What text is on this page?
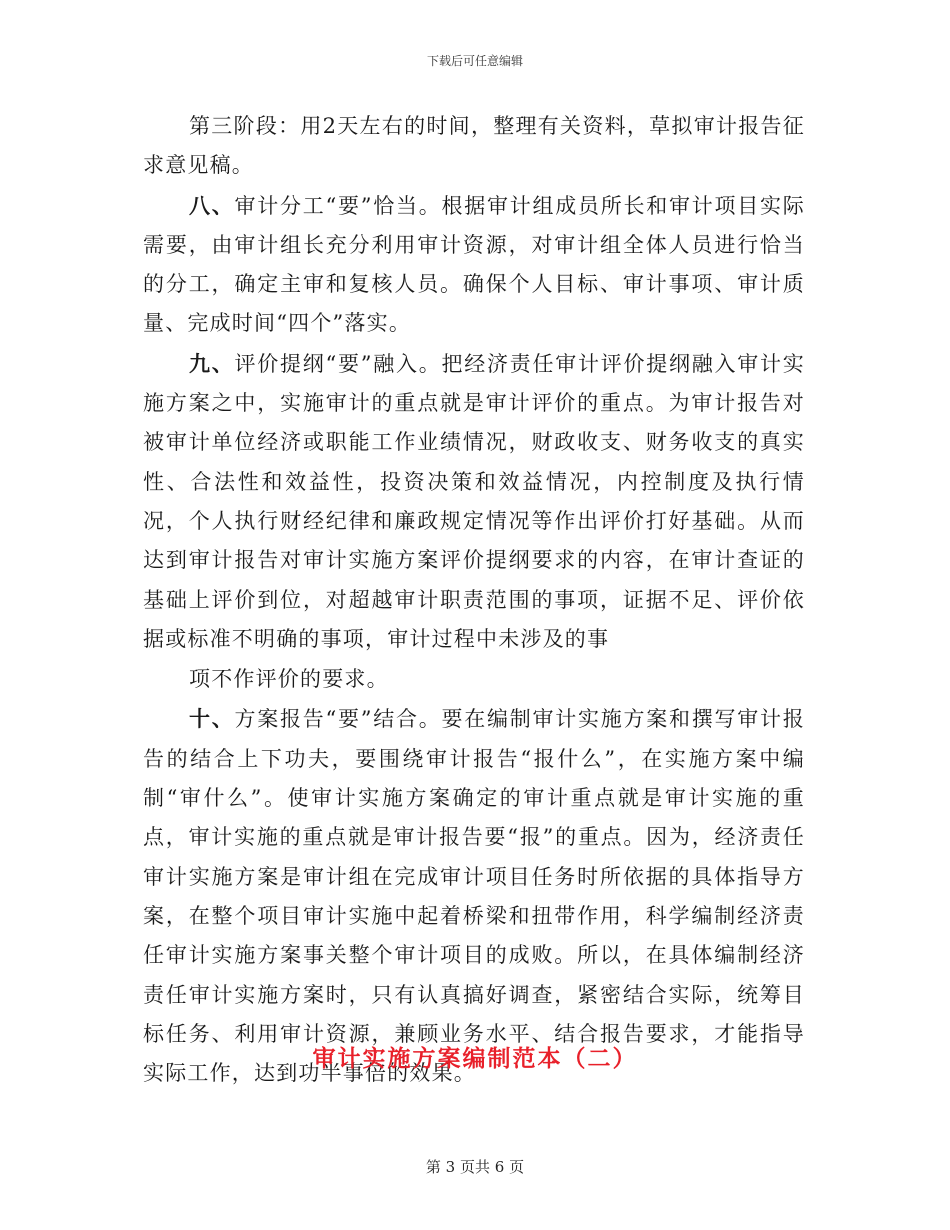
下载后可任意编辑

第三阶段：用2天左右的时间，整理有关资料，草拟审计报告征求意见稿。

八、审计分工“要”恰当。根据审计组成员所长和审计项目实际需要，由审计组长充分利用审计资源，对审计组全体人员进行恰当的分工，确定主审和复核人员。确保个人目标、审计事项、审计质量、完成时间“四个”落实。

九、评价提纲“要”融入。把经济责任审计评价提纲融入审计实施方案之中，实施审计的重点就是审计评价的重点。为审计报告对被审计单位经济或职能工作业绩情况，财政收支、财务收支的真实性、合法性和效益性，投资决策和效益情况，内控制度及执行情况，个人执行财经纪律和廉政规定情况等作出评价打好基础。从而达到审计报告对审计实施方案评价提纲要求的内容，在审计查证的基础上评价到位，对超越审计职责范围的事项，证据不足、评价依据或标准不明确的事项，审计过程中未涉及的事

项不作评价的要求。

十、方案报告“要”结合。要在编制审计实施方案和撰写审计报告的结合上下功夫，要围绕审计报告“报什么”，在实施方案中编制“审什么”。使审计实施方案确定的审计重点就是审计实施的重点，审计实施的重点就是审计报告要“报”的重点。因为，经济责任审计实施方案是审计组在完成审计项目任务时所依据的具体指导方案，在整个项目审计实施中起着桥梁和扭带作用，科学编制经济责任审计实施方案事关整个审计项目的成败。所以，在具体编制经济责任审计实施方案时，只有认真搞好调查，紧密结合实际，统筹目标任务、利用审计资源，兼顾业务水平、结合报告要求，才能指导实际工作，达到功半事倍的效果。

审计实施方案编制范本（二）
第 3 页共 6 页
